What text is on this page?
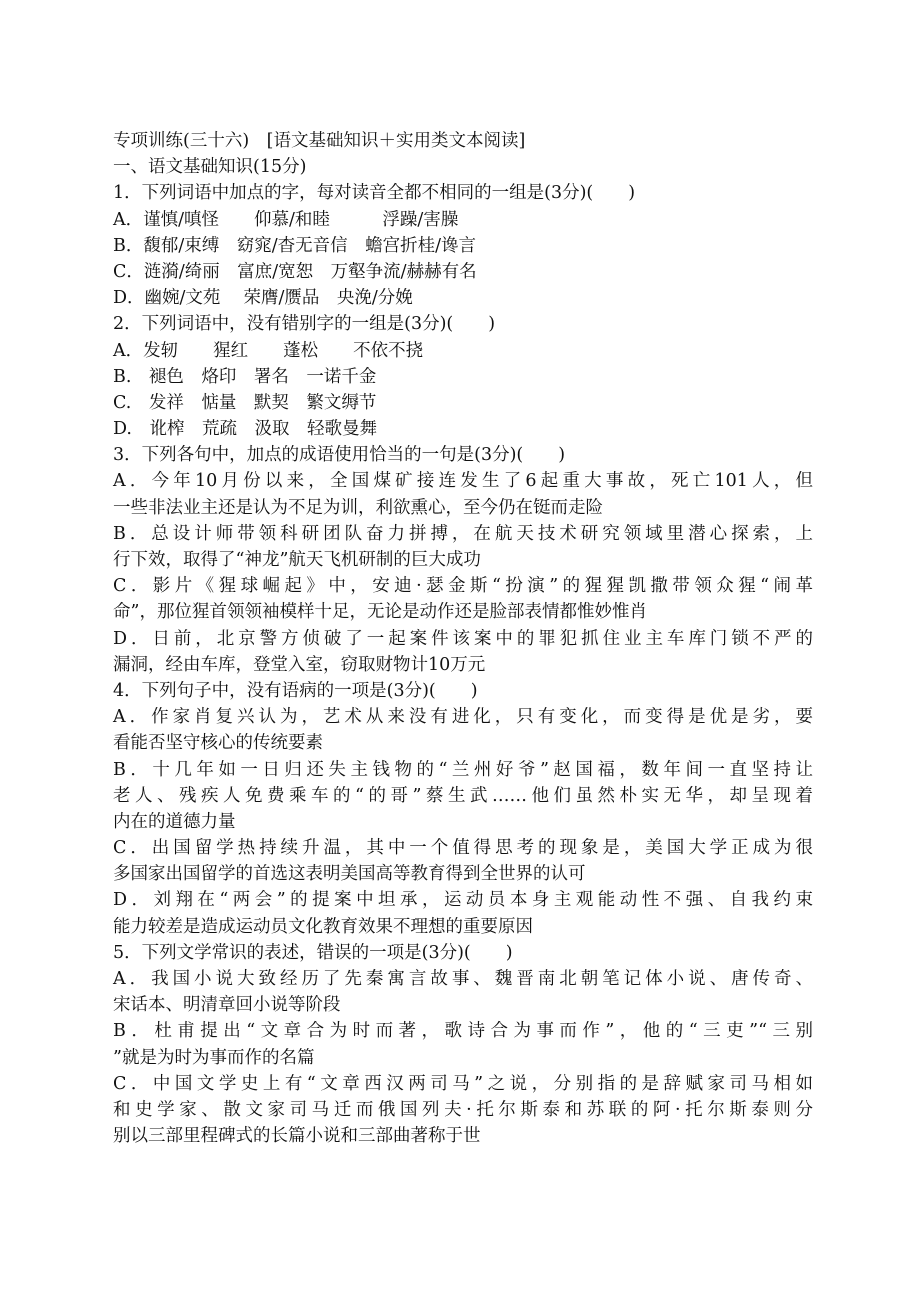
专项训练(三十六)　[语文基础知识＋实用类文本阅读]
一、语文基础知识(15分)
1．下列词语中加点的字，每对读音全都不相同的一组是(3分)(　　)
A．谨慎/嗔怪　　仰慕/和睦　　　浮躁/害臊
B．馥郁/束缚　窈窕/杳无音信　蟾宫折桂/谗言
C．涟漪/绮丽　富庶/宽恕　万壑争流/赫赫有名
D．幽婉/文苑　 荣膺/赝品　央浼/分娩
2．下列词语中，没有错别字的一组是(3分)(　　)
A．发轫　　猩红　　蓬松　　不依不挠
B.　褪色　烙印　署名　一诺千金
C.　发祥　惦量　默契　繁文缛节
D.　讹榨　荒疏　汲取　轻歌曼舞
3．下列各句中，加点的成语使用恰当的一句是(3分)(　　)
A．今年10月份以来，全国煤矿接连发生了6起重大事故，死亡101人，但
一些非法业主还是认为不足为训，利欲熏心，至今仍在铤而走险
B．总设计师带领科研团队奋力拼搏，在航天技术研究领域里潜心探索，上
行下效，取得了“神龙”航天飞机研制的巨大成功
C．影片《猩球崛起》中，安迪·瑟金斯“扮演”的猩猩凯撒带领众猩“闹革
命”，那位猩首领领袖模样十足，无论是动作还是脸部表情都惟妙惟肖
D．日前，北京警方侦破了一起案件该案中的罪犯抓住业主车库门锁不严的
漏洞，经由车库，登堂入室，窃取财物计10万元
4．下列句子中，没有语病的一项是(3分)(　　)
A．作家肖复兴认为，艺术从来没有进化，只有变化，而变得是优是劣，要
看能否坚守核心的传统要素
B．十几年如一日归还失主钱物的“兰州好爷”赵国福，数年间一直坚持让
老人、残疾人免费乘车的“的哥”蔡生武……他们虽然朴实无华，却呈现着
内在的道德力量
C．出国留学热持续升温，其中一个值得思考的现象是，美国大学正成为很
多国家出国留学的首选这表明美国高等教育得到全世界的认可
D．刘翔在“两会”的提案中坦承，运动员本身主观能动性不强、自我约束
能力较差是造成运动员文化教育效果不理想的重要原因
5．下列文学常识的表述，错误的一项是(3分)(　　)
A．我国小说大致经历了先秦寓言故事、魏晋南北朝笔记体小说、唐传奇、
宋话本、明清章回小说等阶段
B．杜甫提出“文章合为时而著，歌诗合为事而作”，他的“三吏”“三别
”就是为时为事而作的名篇
C．中国文学史上有“文章西汉两司马”之说，分别指的是辞赋家司马相如
和史学家、散文家司马迁而俄国列夫·托尔斯泰和苏联的阿·托尔斯泰则分
别以三部里程碑式的长篇小说和三部曲著称于世
